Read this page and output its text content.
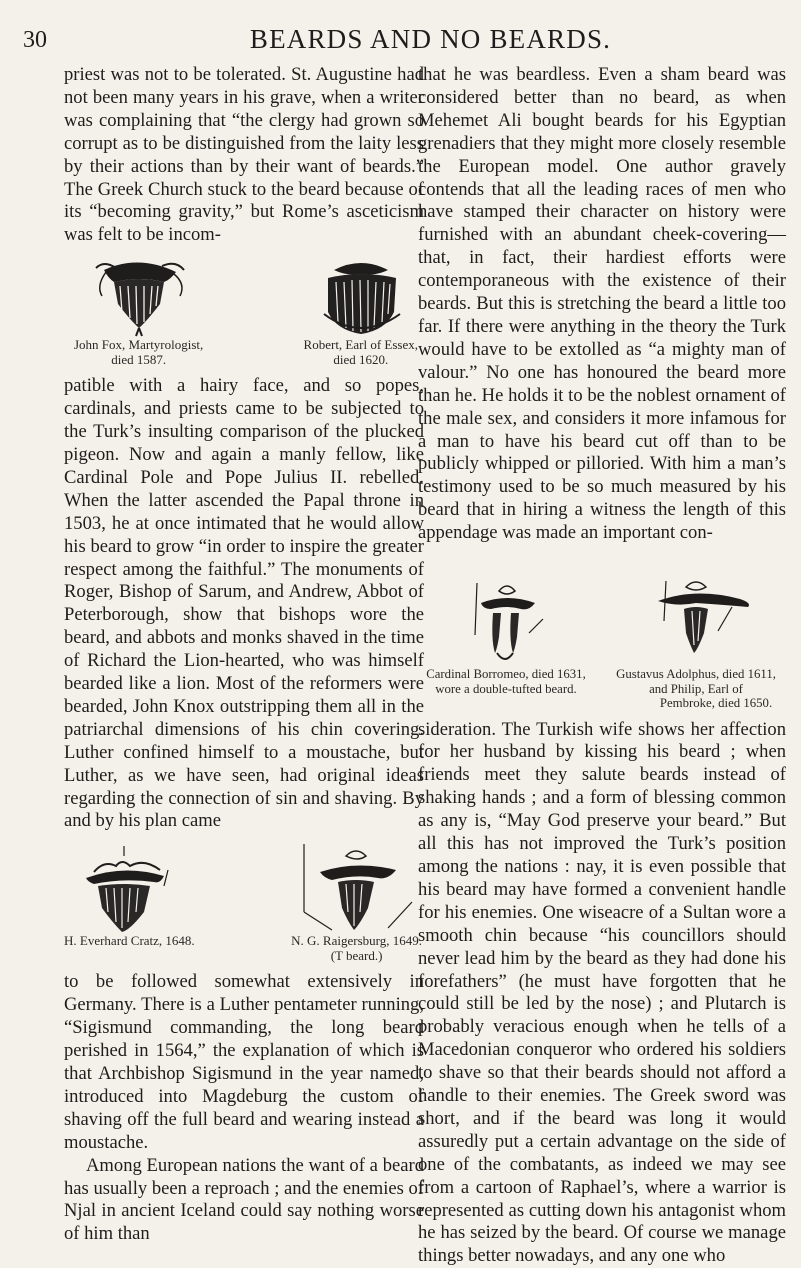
30	BEARDS AND NO BEARDS.

priest was not to be tolerated. St. Augustine had not been many years in his grave, when a writer was complaining that “the clergy had grown so corrupt as to be distinguished from the laity less by their actions than by their want of beards.” The Greek Church stuck to the beard because of its “becoming gravity,” but Rome’s asceticism was felt to be incom-

John Fox, Martyrologist,
died 1587.
Robert, Earl of Essex,
died 1620.

patible with a hairy face, and so popes, cardinals, and priests came to be subjected to the Turk’s insulting comparison of the plucked pigeon. Now and again a manly fellow, like Cardinal Pole and Pope Julius II. rebelled. When the latter ascended the Papal throne in 1503, he at once intimated that he would allow his beard to grow “in order to inspire the greater respect among the faithful.” The monuments of Roger, Bishop of Sarum, and Andrew, Abbot of Peterborough, show that bishops wore the beard, and abbots and monks shaved in the time of Richard the Lion-hearted, who was himself bearded like a lion. Most of the reformers were bearded, John Knox outstripping them all in the patriarchal dimensions of his chin covering. Luther confined himself to a moustache, but Luther, as we have seen, had original ideas regarding the connection of sin and shaving. By and by his plan came

H. Everhard Cratz, 1648.	N. G. Raigersburg, 1649.
(T beard.)

to be followed somewhat extensively in Germany. There is a Luther pentameter running, “Sigismund commanding, the long beard perished in 1564,” the explanation of which is that Archbishop Sigismund in the year named, introduced into Magdeburg the custom of shaving off the full beard and wearing instead a moustache.

Among European nations the want of a beard has usually been a reproach ; and the enemies of Njal in ancient Iceland could say nothing worse of him than

that he was beardless. Even a sham beard was considered better than no beard, as when Mehemet Ali bought beards for his Egyptian grenadiers that they might more closely resemble the European model. One author gravely contends that all the leading races of men who have stamped their character on history were furnished with an abundant cheek-covering—that, in fact, their hardiest efforts were contemporaneous with the existence of their beards. But this is stretching the beard a little too far. If there were anything in the theory the Turk would have to be extolled as “a mighty man of valour.” No one has honoured the beard more than he. He holds it to be the noblest ornament of the male sex, and considers it more infamous for a man to have his beard cut off than to be publicly whipped or pilloried. With him a man’s testimony used to be so much measured by his beard that in hiring a witness the length of this appendage was made an important con-

Cardinal Borromeo, died 1631,
wore a double-tufted beard.
Gustavus Adolphus, died 1611,
and Philip, Earl of
Pembroke, died 1650.

sideration. The Turkish wife shows her affection for her husband by kissing his beard ; when friends meet they salute beards instead of shaking hands ; and a form of blessing common as any is, “May God preserve your beard.” But all this has not improved the Turk’s position among the nations : nay, it is even possible that his beard may have formed a convenient handle for his enemies. One wiseacre of a Sultan wore a smooth chin because “his councillors should never lead him by the beard as they had done his forefathers” (he must have forgotten that he could still be led by the nose) ; and Plutarch is probably veracious enough when he tells of a Macedonian conqueror who ordered his soldiers to shave so that their beards should not afford a handle to their enemies. The Greek sword was short, and if the beard was long it would assuredly put a certain advantage on the side of one of the combatants, as indeed we may see from a cartoon of Raphael’s, where a warrior is represented as cutting down his antagonist whom he has seized by the beard. Of course we manage things better nowadays, and any one who
